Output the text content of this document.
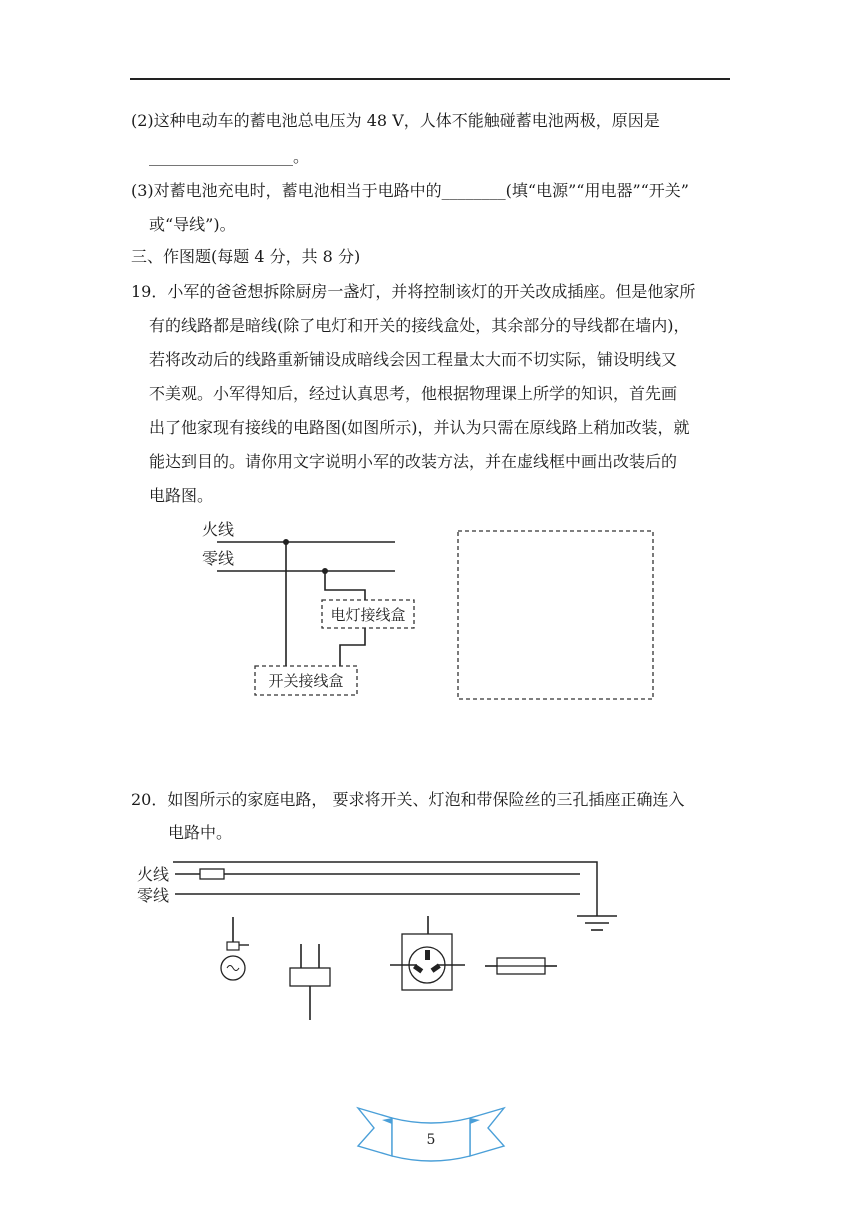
(2)这种电动车的蓄电池总电压为 48 V，人体不能触碰蓄电池两极，原因是
__________________。
(3)对蓄电池充电时，蓄电池相当于电路中的________(填“电源”“用电器”“开关”
或“导线”)。
三、作图题(每题 4 分，共 8 分)
19．小军的爸爸想拆除厨房一盏灯，并将控制该灯的开关改成插座。但是他家所
有的线路都是暗线(除了电灯和开关的接线盒处，其余部分的导线都在墙内)，
若将改动后的线路重新铺设成暗线会因工程量太大而不切实际，铺设明线又
不美观。小军得知后，经过认真思考，他根据物理课上所学的知识，首先画
出了他家现有接线的电路图(如图所示)，并认为只需在原线路上稍加改装，就
能达到目的。请你用文字说明小军的改装方法，并在虚线框中画出改装后的
电路图。
火线
零线
电灯接线盒
开关接线盒
20．如图所示的家庭电路， 要求将开关、灯泡和带保险丝的三孔插座正确连入
电路中。
火线
零线
5
